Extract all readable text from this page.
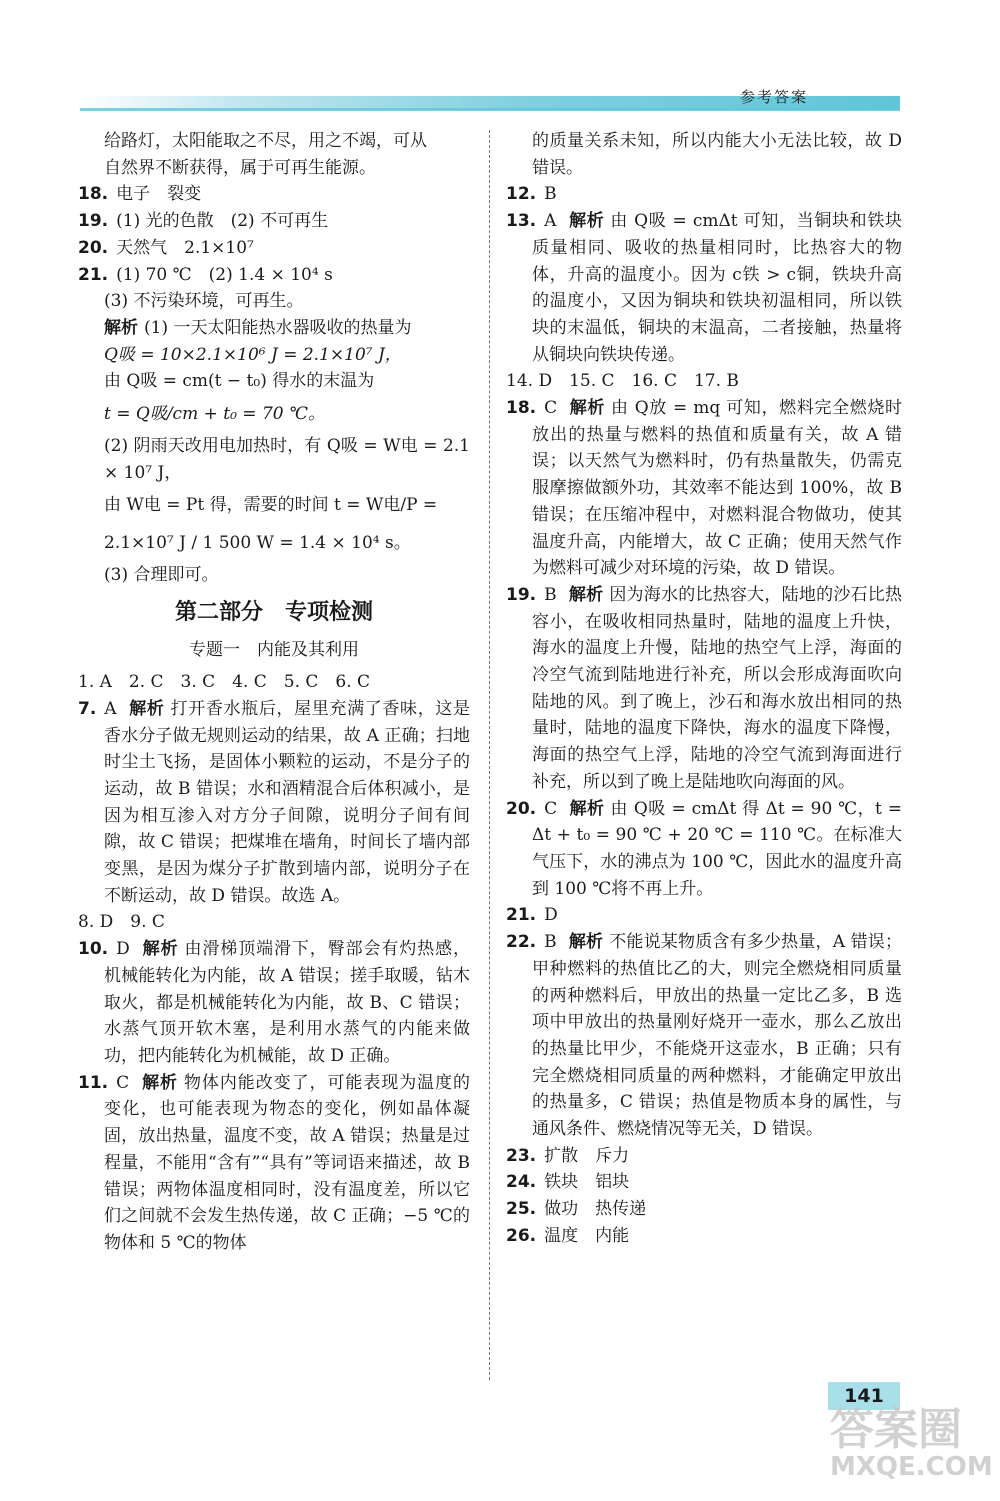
参考答案

给路灯，太阳能取之不尽，用之不竭，可从

自然界不断获得，属于可再生能源。

18. 电子　裂变

19. (1) 光的色散　(2) 不可再生

20. 天然气　2.1×10⁷

21. (1) 70 ℃　(2) 1.4 × 10⁴ s

(3) 不污染环境，可再生。

解析 (1) 一天太阳能热水器吸收的热量为

Q吸 = 10×2.1×10⁶ J = 2.1×10⁷ J，

由 Q吸 = cm(t − t₀) 得水的末温为

t = Q吸/cm + t₀ = 70 ℃。

(2) 阴雨天改用电加热时，有 Q吸 = W电 = 2.1 × 10⁷ J，

由 W电 = Pt 得，需要的时间 t = W电/P =

2.1×10⁷ J / 1 500 W = 1.4 × 10⁴ s。

(3) 合理即可。

第二部分　专项检测
专题一　内能及其利用

1. A　2. C　3. C　4. C　5. C　6. C

7. A 解析 打开香水瓶后，屋里充满了香味，这是香水分子做无规则运动的结果，故 A 正确；扫地时尘土飞扬，是固体小颗粒的运动，不是分子的运动，故 B 错误；水和酒精混合后体积减小，是因为相互渗入对方分子间隙，说明分子间有间隙，故 C 错误；把煤堆在墙角，时间长了墙内部变黑，是因为煤分子扩散到墙内部，说明分子在不断运动，故 D 错误。故选 A。

8. D　9. C

10. D 解析 由滑梯顶端滑下，臀部会有灼热感，机械能转化为内能，故 A 错误；搓手取暖，钻木取火，都是机械能转化为内能，故 B、C 错误；水蒸气顶开软木塞，是利用水蒸气的内能来做功，把内能转化为机械能，故 D 正确。

11. C 解析 物体内能改变了，可能表现为温度的变化，也可能表现为物态的变化，例如晶体凝固，放出热量，温度不变，故 A 错误；热量是过程量，不能用“含有”“具有”等词语来描述，故 B 错误；两物体温度相同时，没有温度差，所以它们之间就不会发生热传递，故 C 正确；−5 ℃的物体和 5 ℃的物体

的质量关系未知，所以内能大小无法比较，故 D 错误。

12. B

13. A 解析 由 Q吸 = cmΔt 可知，当铜块和铁块质量相同、吸收的热量相同时，比热容大的物体，升高的温度小。因为 c铁 > c铜，铁块升高的温度小，又因为铜块和铁块初温相同，所以铁块的末温低，铜块的末温高，二者接触，热量将从铜块向铁块传递。

14. D　15. C　16. C　17. B

18. C 解析 由 Q放 = mq 可知，燃料完全燃烧时放出的热量与燃料的热值和质量有关，故 A 错误；以天然气为燃料时，仍有热量散失，仍需克服摩擦做额外功，其效率不能达到 100%，故 B 错误；在压缩冲程中，对燃料混合物做功，使其温度升高，内能增大，故 C 正确；使用天然气作为燃料可减少对环境的污染，故 D 错误。

19. B 解析 因为海水的比热容大，陆地的沙石比热容小，在吸收相同热量时，陆地的温度上升快，海水的温度上升慢，陆地的热空气上浮，海面的冷空气流到陆地进行补充，所以会形成海面吹向陆地的风。到了晚上，沙石和海水放出相同的热量时，陆地的温度下降快，海水的温度下降慢，海面的热空气上浮，陆地的冷空气流到海面进行补充，所以到了晚上是陆地吹向海面的风。

20. C 解析 由 Q吸 = cmΔt 得 Δt = 90 ℃，t = Δt + t₀ = 90 ℃ + 20 ℃ = 110 ℃。在标准大气压下，水的沸点为 100 ℃，因此水的温度升高到 100 ℃将不再上升。

21. D

22. B 解析 不能说某物质含有多少热量，A 错误；甲种燃料的热值比乙的大，则完全燃烧相同质量的两种燃料后，甲放出的热量一定比乙多，B 选项中甲放出的热量刚好烧开一壶水，那么乙放出的热量比甲少，不能烧开这壶水，B 正确；只有完全燃烧相同质量的两种燃料，才能确定甲放出的热量多，C 错误；热值是物质本身的属性，与通风条件、燃烧情况等无关，D 错误。

23. 扩散　斥力

24. 铁块　铝块

25. 做功　热传递

26. 温度　内能

141
答案圈
MXQE.COM
